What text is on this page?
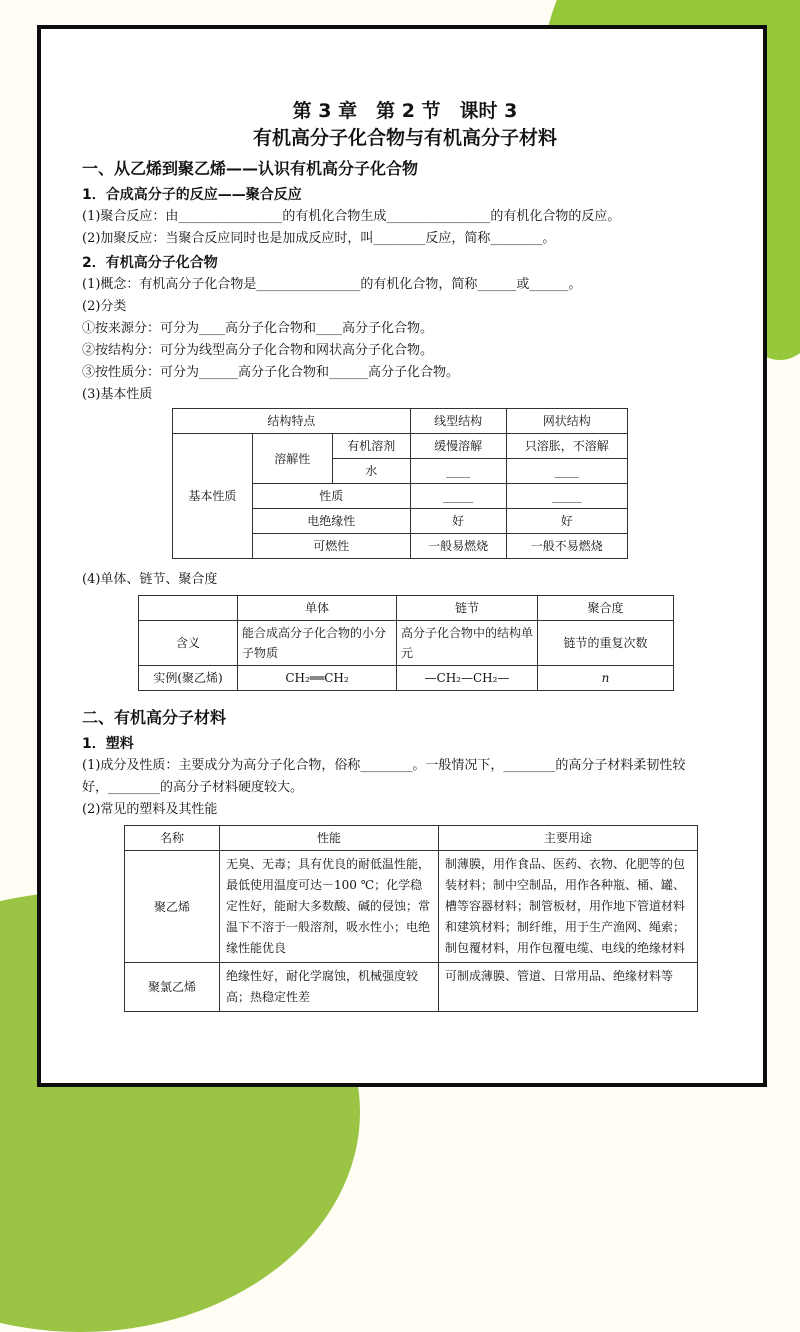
第 3 章　第 2 节　课时 3
有机高分子化合物与有机高分子材料
一、从乙烯到聚乙烯——认识有机高分子化合物
1．合成高分子的反应——聚合反应
(1)聚合反应：由________________的有机化合物生成________________的有机化合物的反应。
(2)加聚反应：当聚合反应同时也是加成反应时，叫________反应，简称________。
2．有机高分子化合物
(1)概念：有机高分子化合物是________________的有机化合物，简称______或______。
(2)分类
①按来源分：可分为____高分子化合物和____高分子化合物。
②按结构分：可分为线型高分子化合物和网状高分子化合物。
③按性质分：可分为______高分子化合物和______高分子化合物。
(3)基本性质
结构特点			线型结构	网状结构
基本性质	溶解性	有机溶剂	缓慢溶解	只溶胀，不溶解
		水	____	____
	性质		_____	_____
	电绝缘性		好	好
	可燃性		一般易燃烧	一般不易燃烧
(4)单体、链节、聚合度
	单体	链节	聚合度
含义	能合成高分子化合物的小分子物质	高分子化合物中的结构单元	链节的重复次数
实例(聚乙烯)	CH₂══CH₂	—CH₂—CH₂—	n
二、有机高分子材料
1．塑料
(1)成分及性质：主要成分为高分子化合物，俗称________。一般情况下，________的高分子材料柔韧性较好，________的高分子材料硬度较大。
(2)常见的塑料及其性能
名称	性能	主要用途
聚乙烯	无臭、无毒；具有优良的耐低温性能，最低使用温度可达－100 ℃；化学稳定性好，能耐大多数酸、碱的侵蚀；常温下不溶于一般溶剂，吸水性小；电绝缘性能优良	制薄膜，用作食品、医药、衣物、化肥等的包装材料；制中空制品，用作各种瓶、桶、罐、槽等容器材料；制管板材，用作地下管道材料和建筑材料；制纤维，用于生产渔网、绳索；制包覆材料，用作包覆电缆、电线的绝缘材料
聚氯乙烯	绝缘性好，耐化学腐蚀，机械强度较高；热稳定性差	可制成薄膜、管道、日常用品、绝缘材料等
